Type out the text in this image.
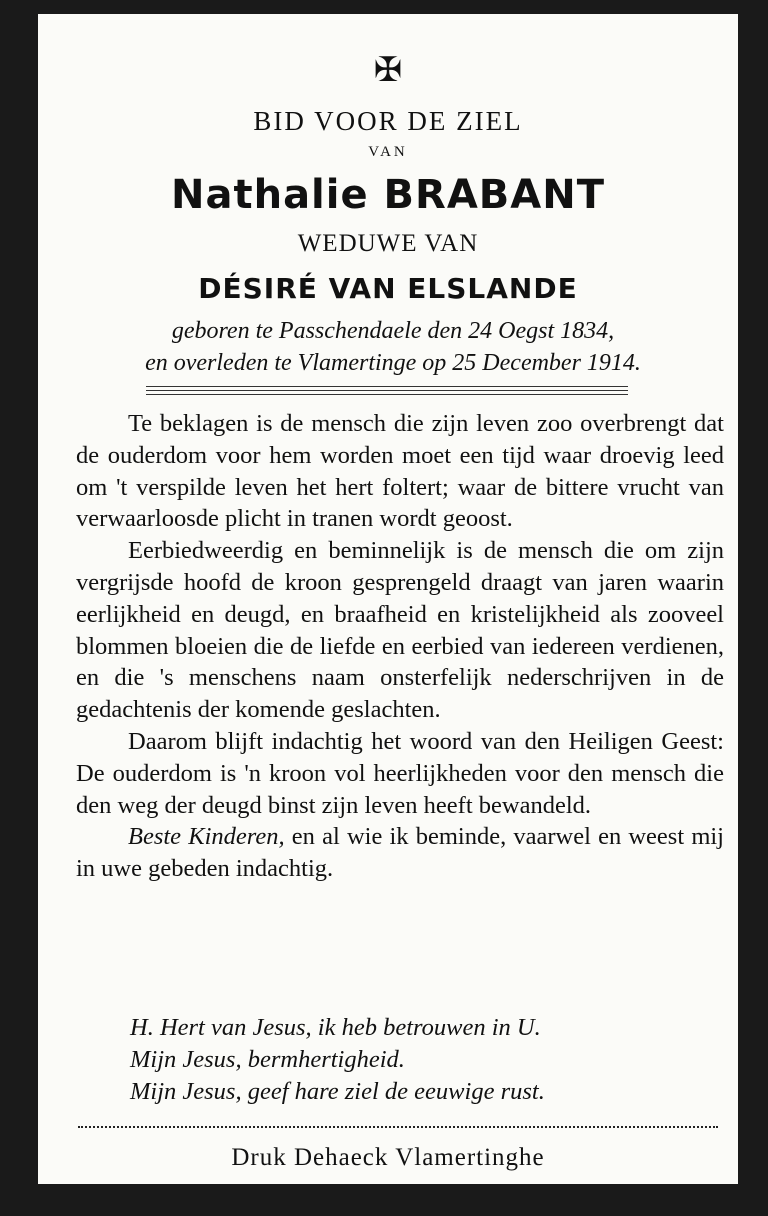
✠
BID VOOR DE ZIEL
VAN
Nathalie BRABANT
WEDUWE VAN
DÉSIRÉ VAN ELSLANDE
geboren te Passchendaele den 24 Oegst 1834,
en overleden te Vlamertinge op 25 December 1914.

Te beklagen is de mensch die zijn leven zoo overbrengt dat de ouderdom voor hem worden moet een tijd waar droevig leed om 't verspilde leven het hert foltert; waar de bittere vrucht van verwaarloosde plicht in tranen wordt geoost.

Eerbiedweerdig en beminnelijk is de mensch die om zijn vergrijsde hoofd de kroon gesprengeld draagt van jaren waarin eerlijkheid en deugd, en braafheid en kristelijkheid als zooveel blommen bloeien die de liefde en eerbied van iedereen verdienen, en die 's menschens naam onsterfelijk nederschrijven in de gedachtenis der komende geslachten.

Daarom blijft indachtig het woord van den Heiligen Geest: De ouderdom is 'n kroon vol heerlijkheden voor den mensch die den weg der deugd binst zijn leven heeft bewandeld.

Beste Kinderen, en al wie ik beminde, vaarwel en weest mij in uwe gebeden indachtig.

H. Hert van Jesus, ik heb betrouwen in U.
Mijn Jesus, bermhertigheid.
Mijn Jesus, geef hare ziel de eeuwige rust.
Druk Dehaeck Vlamertinghe
